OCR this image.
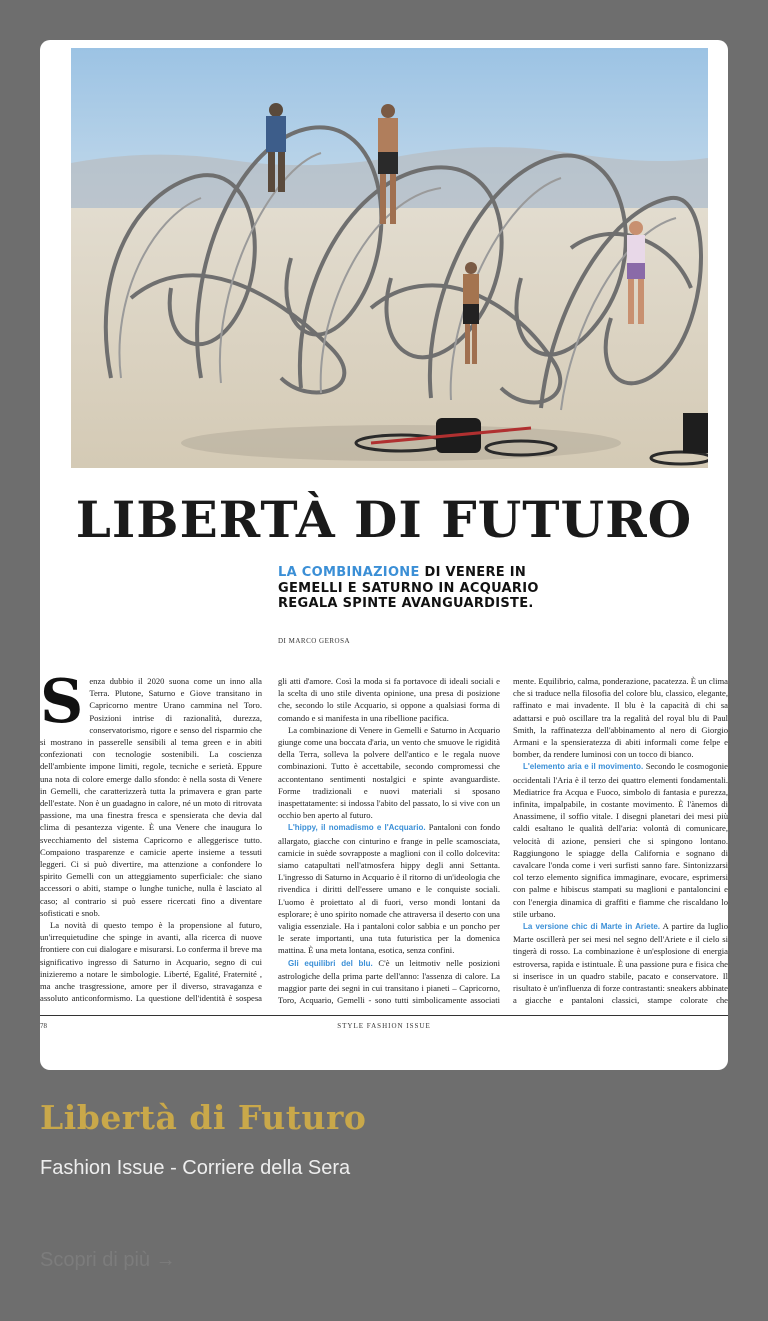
LIBERTÀ DI FUTURO

LA COMBINAZIONE DI VENERE IN GEMELLI E SATURNO IN ACQUARIO REGALA SPINTE AVANGUARDISTE.

DI MARCO GEROSA

Senza dubbio il 2020 suona come un inno alla Terra. Plutone, Saturno e Giove transitano in Capricorno mentre Urano cammina nel Toro. Posizioni intrise di razionalità, durezza, conservatorismo, rigore e senso del risparmio che si mostrano in passerelle sensibili al tema green e in abiti confezionati con tecnologie sostenibili. La coscienza dell'ambiente impone limiti, regole, tecniche e serietà. Eppure una nota di colore emerge dallo sfondo: è nella sosta di Venere in Gemelli, che caratterizzerà tutta la primavera e gran parte dell'estate. Non è un guadagno in calore, né un moto di ritrovata passione, ma una finestra fresca e spensierata che devia dal clima di pesantezza vigente. È una Venere che inaugura lo svecchiamento del sistema Capricorno e alleggerisce tutto. Compaiono trasparenze e camicie aperte insieme a tessuti leggeri. Ci si può divertire, ma attenzione a confondere lo spirito Gemelli con un atteggiamento superficiale: che siano accessori o abiti, stampe o lunghe tuniche, nulla è lasciato al caso; al contrario si può essere ricercati fino a diventare sofisticati e snob.

La novità di questo tempo è la propensione al futuro, un'irrequietudine che spinge in avanti, alla ricerca di nuove frontiere con cui dialogare e misurarsi. Lo conferma il breve ma significativo ingresso di Saturno in Acquario, segno di cui inizieremo a notare le simbologie. Liberté, Egalité, Fraternité , ma anche trasgressione, amore per il diverso, stravaganza e assoluto anticonformismo. La questione dell'identità è sospesa

gli atti d'amore. Così la moda si fa portavoce di ideali sociali e la scelta di uno stile diventa opinione, una presa di posizione che, secondo lo stile Acquario, si oppone a qualsiasi forma di comando e si manifesta in una ribellione pacifica.

La combinazione di Venere in Gemelli e Saturno in Acquario giunge come una boccata d'aria, un vento che smuove le rigidità della Terra, solleva la polvere dell'antico e le regala nuove combinazioni. Tutto è accettabile, secondo compromessi che accontentano sentimenti nostalgici e spinte avanguardiste. Forme tradizionali e nuovi materiali si sposano inaspettatamente: si indossa l'abito del passato, lo si vive con un occhio ben aperto al futuro.

L'hippy, il nomadismo e l'Acquario. Pantaloni con fondo allargato, giacche con cinturino e frange in pelle scamosciata, camicie in suède sovrapposte a maglioni con il collo dolcevita: siamo catapultati nell'atmosfera hippy degli anni Settanta. L'ingresso di Saturno in Acquario è il ritorno di un'ideologia che rivendica i diritti dell'essere umano e le conquiste sociali. L'uomo è proiettato al di fuori, verso mondi lontani da esplorare; è uno spirito nomade che attraversa il deserto con una valigia essenziale. Ha i pantaloni color sabbia e un poncho per le serate importanti, una tuta futuristica per la domenica mattina. È una meta lontana, esotica, senza confini.

Gli equilibri del blu. C'è un leitmotiv nelle posizioni astrologiche della prima parte dell'anno: l'assenza di calore. La maggior parte dei segni in cui transitano i pianeti – Capricorno, Toro, Acquario, Gemelli - sono tutti simbolicamente associati

mente. Equilibrio, calma, ponderazione, pacatezza. È un clima che si traduce nella filosofia del colore blu, classico, elegante, raffinato e mai invadente. Il blu è la capacità di chi sa adattarsi e può oscillare tra la regalità del royal blu di Paul Smith, la raffinatezza dell'abbinamento al nero di Giorgio Armani e la spensieratezza di abiti informali come felpe e bomber, da rendere luminosi con un tocco di bianco.

L'elemento aria e il movimento. Secondo le cosmogonie occidentali l'Aria è il terzo dei quattro elementi fondamentali. Mediatrice fra Acqua e Fuoco, simbolo di fantasia e purezza, infinita, impalpabile, in costante movimento. È l'ànemos di Anassimene, il soffio vitale. I disegni planetari dei mesi più caldi esaltano le qualità dell'aria: volontà di comunicare, velocità di azione, pensieri che si spingono lontano. Raggiungono le spiagge della California e sognano di cavalcare l'onda come i veri surfisti sanno fare. Sintonizzarsi col terzo elemento significa immaginare, evocare, esprimersi con palme e hibiscus stampati su maglioni e pantaloncini e con l'energia dinamica di graffiti e fiamme che riscaldano lo stile urbano.

La versione chic di Marte in Ariete. A partire da luglio Marte oscillerà per sei mesi nel segno dell'Ariete e il cielo si tingerà di rosso. La combinazione è un'esplosione di energia estroversa, rapida e istintuale. È una passione pura e fisica che si inserisce in un quadro stabile, pacato e conservatore. Il risultato è un'influenza di forze contrastanti: sneakers abbinate a giacche e pantaloni classici, stampe colorate che

78	STYLE FASHION ISSUE
Libertà di Futuro

Fashion Issue - Corriere della Sera

Scopri di più →
